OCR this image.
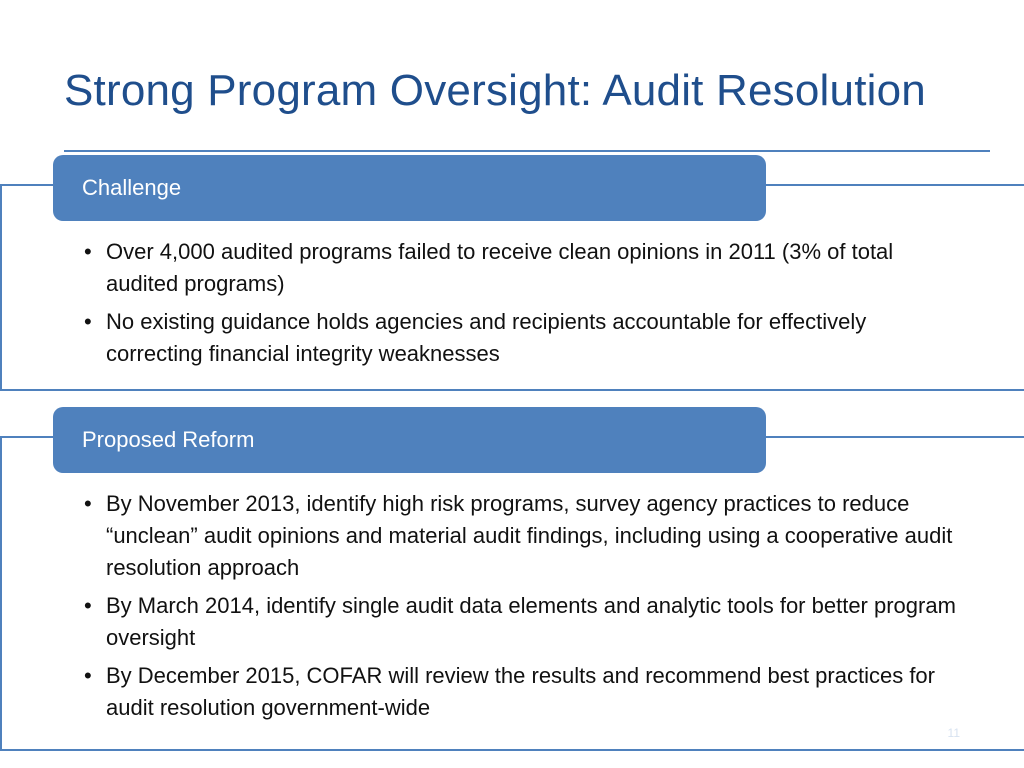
Strong Program Oversight: Audit Resolution
Challenge
• Over 4,000 audited programs failed to receive clean opinions in 2011 (3% of total audited programs)
• No existing guidance holds agencies and recipients accountable for effectively correcting financial integrity weaknesses
Proposed Reform
• By November 2013, identify high risk programs, survey agency practices to reduce “unclean” audit opinions and material audit findings, including using a cooperative audit resolution approach
• By March 2014, identify single audit data elements and analytic tools for better program oversight
• By December 2015, COFAR will review the results and recommend best practices for audit resolution government-wide
11
